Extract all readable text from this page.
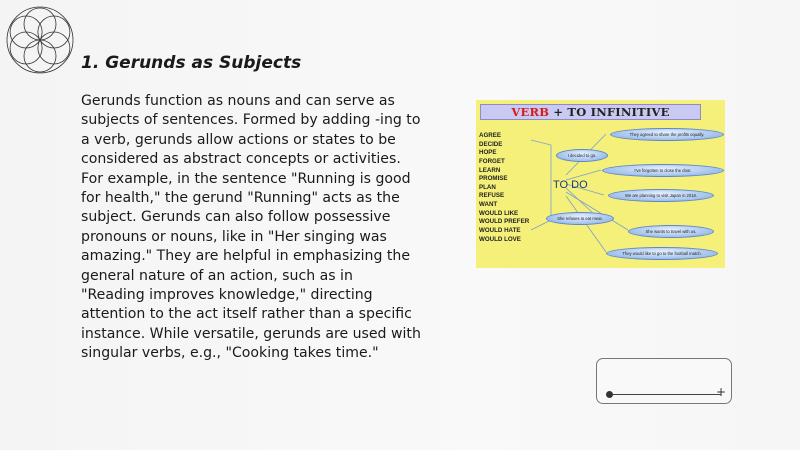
1. Gerunds as Subjects

Gerunds function as nouns and can serve as subjects of sentences. Formed by adding -ing to a verb, gerunds allow actions or states to be considered as abstract concepts or activities. For example, in the sentence "Running is good for health," the gerund "Running" acts as the subject. Gerunds can also follow possessive pronouns or nouns, like in "Her singing was amazing." They are helpful in emphasizing the general nature of an action, such as in "Reading improves knowledge," directing attention to the act itself rather than a specific instance. While versatile, gerunds are used with singular verbs, e.g., "Cooking takes time."

VERB + TO INFINITIVE
AGREE
DECIDE
HOPE
FORGET
LEARN
PROMISE
PLAN
REFUSE
WANT
WOULD LIKE
WOULD PREFER
WOULD HATE
WOULD LOVE
TO DO
They agreed to share the profits equally.
I decided to go.
I've forgotten to close the door.
We are planning to visit Japan in 2018.
She refuses to eat meat.
She wants to travel with us.
They would like to go to the football match.
+
